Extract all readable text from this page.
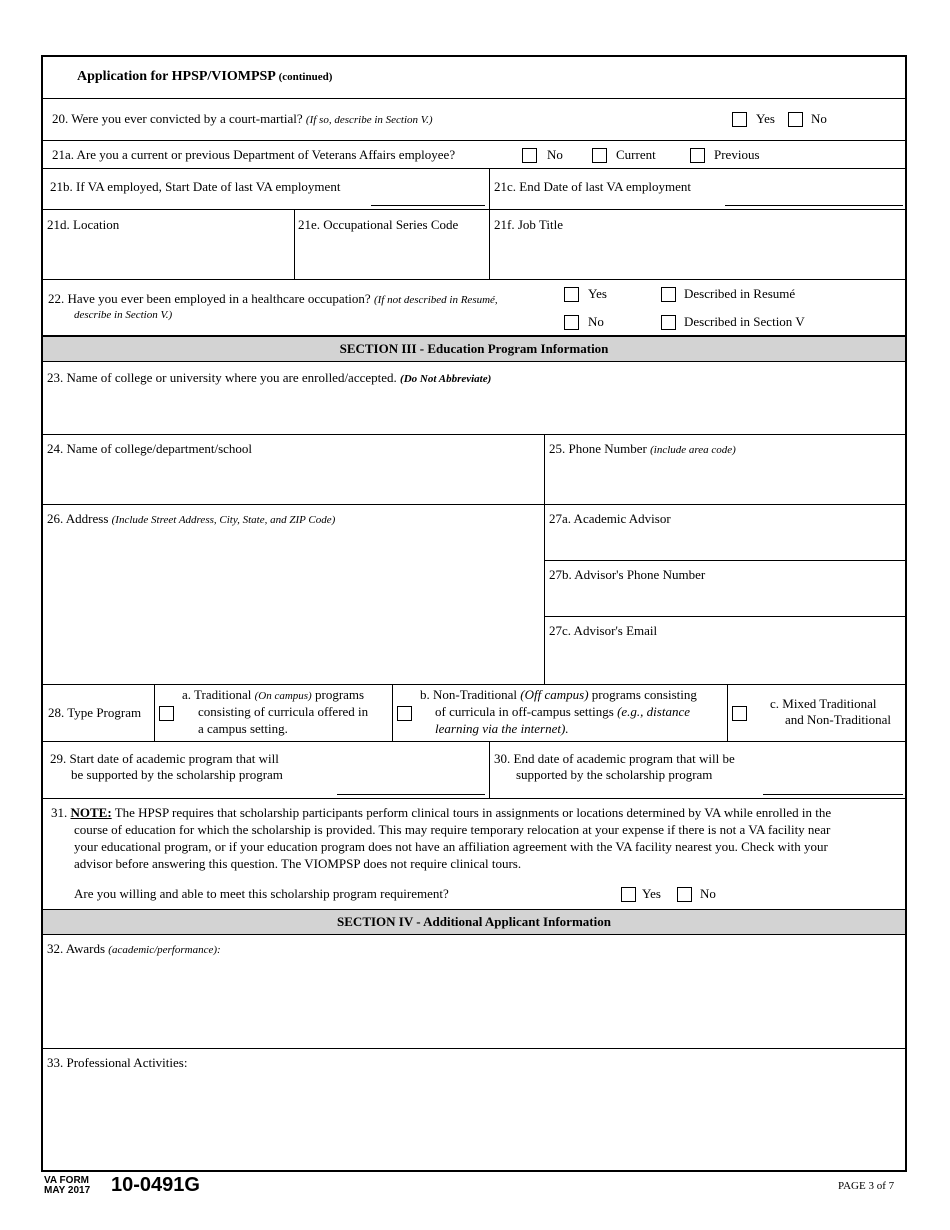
Application for HPSP/VIOMPSP (continued)
20. Were you ever convicted by a court-martial? (If so, describe in Section V.)	Yes	No
21a. Are you a current or previous Department of Veterans Affairs employee?	No	Current	Previous
21b. If VA employed, Start Date of last VA employment	21c. End Date of last VA employment
21d. Location	21e. Occupational Series Code	21f. Job Title
22. Have you ever been employed in a healthcare occupation? (If not described in Resumé,
describe in Section V.)
Yes
No
Described in Resumé
Described in Section V
SECTION III - Education Program Information
23. Name of college or university where you are enrolled/accepted. (Do Not Abbreviate)
24. Name of college/department/school	25. Phone Number (include area code)
26. Address (Include Street Address, City, State, and ZIP Code)	27a. Academic Advisor
27b. Advisor's Phone Number
27c. Advisor's Email
28. Type Program
a. Traditional (On campus) programs
consisting of curricula offered in
a campus setting.
b. Non-Traditional (Off campus) programs consisting
of curricula in off-campus settings (e.g., distance
learning via the internet).
c. Mixed Traditional
and Non-Traditional
29. Start date of academic program that will
be supported by the scholarship program
30. End date of academic program that will be
supported by the scholarship program
31. NOTE: The HPSP requires that scholarship participants perform clinical tours in assignments or locations determined by VA while enrolled in the
course of education for which the scholarship is provided. This may require temporary relocation at your expense if there is not a VA facility near
your educational program, or if your education program does not have an affiliation agreement with the VA facility nearest you. Check with your
advisor before answering this question. The VIOMPSP does not require clinical tours.
Are you willing and able to meet this scholarship program requirement?	Yes	No
SECTION IV - Additional Applicant Information
32. Awards (academic/performance):
33. Professional Activities:
VA FORM
MAY 2017 10-0491G	PAGE 3 of 7
